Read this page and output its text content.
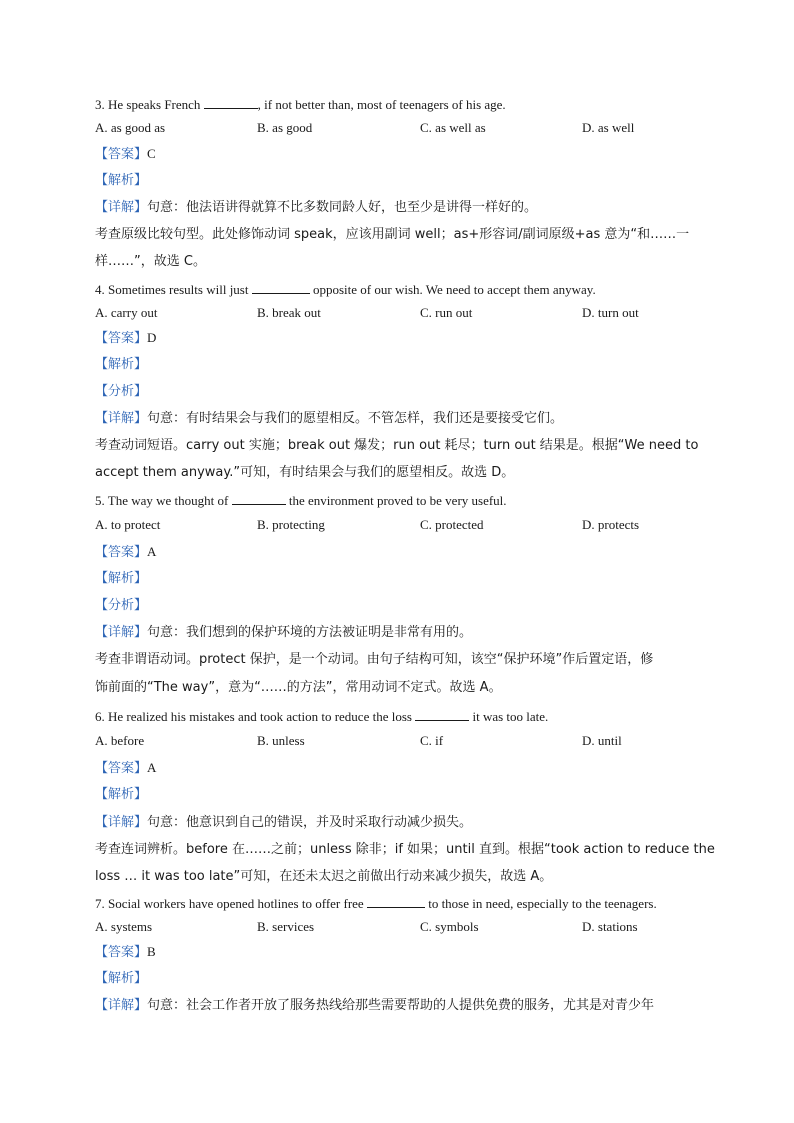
3. He speaks French	, if not better than, most of teenagers of his age.
A. as good as	B. as good	C. as well as	D. as well
【答案】C
【解析】
【详解】句意：他法语讲得就算不比多数同龄人好，也至少是讲得一样好的。
考查原级比较句型。此处修饰动词 speak，应该用副词 well；as+形容词/副词原级+as 意为“和……一
样……”，故选 C。
4. Sometimes results will just	opposite of our wish. We need to accept them anyway.
A. carry out	B. break out	C. run out	D. turn out
【答案】D
【解析】
【分析】
【详解】句意：有时结果会与我们的愿望相反。不管怎样，我们还是要接受它们。
考查动词短语。carry out 实施；break out 爆发；run out 耗尽；turn out 结果是。根据“We need to
accept them anyway.”可知，有时结果会与我们的愿望相反。故选 D。
5. The way we thought of	the environment proved to be very useful.
A. to protect	B. protecting	C. protected	D. protects
【答案】A
【解析】
【分析】
【详解】句意：我们想到的保护环境的方法被证明是非常有用的。
考查非谓语动词。protect 保护，是一个动词。由句子结构可知，该空“保护环境”作后置定语，修
饰前面的“The way”，意为“……的方法”，常用动词不定式。故选 A。
6. He realized his mistakes and took action to reduce the loss	it was too late.
A. before	B. unless	C. if	D. until
【答案】A
【解析】
【详解】句意：他意识到自己的错误，并及时采取行动减少损失。
考查连词辨析。before 在……之前；unless 除非；if 如果；until 直到。根据“took action to reduce the
loss … it was too late”可知，在还未太迟之前做出行动来减少损失，故选 A。
7. Social workers have opened hotlines to offer free	to those in need, especially to the teenagers.
A. systems	B. services	C. symbols	D. stations
【答案】B
【解析】
【详解】句意：社会工作者开放了服务热线给那些需要帮助的人提供免费的服务，尤其是对青少年
